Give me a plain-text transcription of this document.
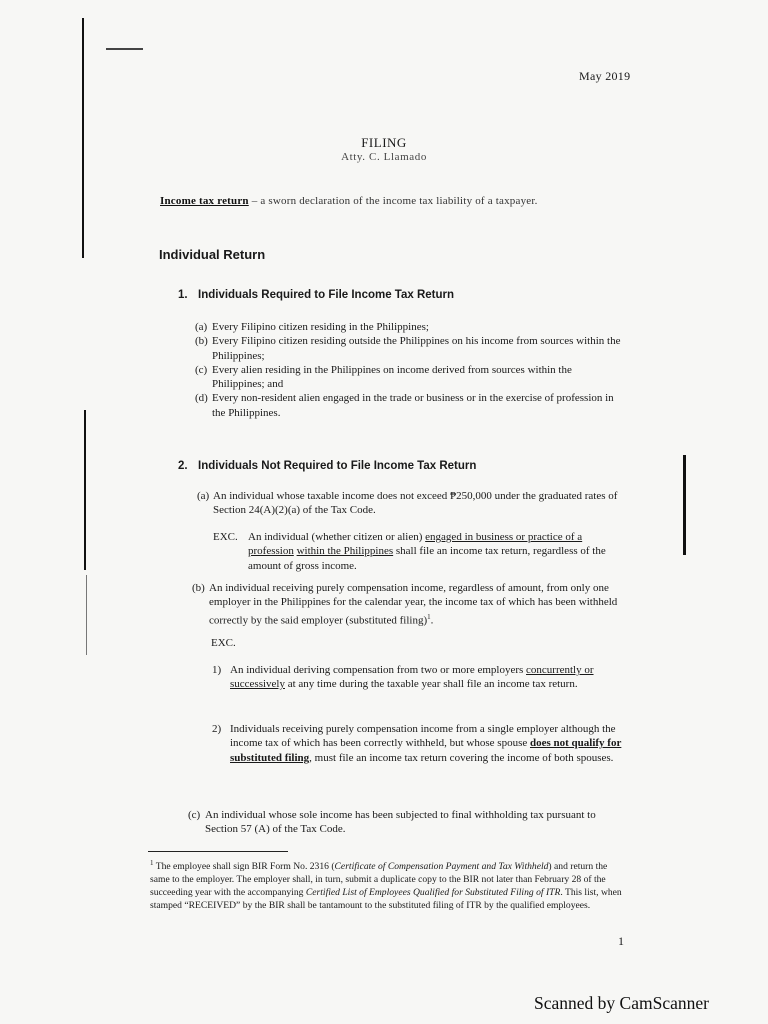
May 2019
FILING
Atty. C. Llamado
Income tax return – a sworn declaration of the income tax liability of a taxpayer.
Individual Return
1. Individuals Required to File Income Tax Return
(a) Every Filipino citizen residing in the Philippines;
(b) Every Filipino citizen residing outside the Philippines on his income from sources within the Philippines;
(c) Every alien residing in the Philippines on income derived from sources within the Philippines; and
(d) Every non-resident alien engaged in the trade or business or in the exercise of profession in the Philippines.
2. Individuals Not Required to File Income Tax Return
(a) An individual whose taxable income does not exceed ₱250,000 under the graduated rates of Section 24(A)(2)(a) of the Tax Code.
EXC. An individual (whether citizen or alien) engaged in business or practice of a profession within the Philippines shall file an income tax return, regardless of the amount of gross income.
(b) An individual receiving purely compensation income, regardless of amount, from only one employer in the Philippines for the calendar year, the income tax of which has been withheld correctly by the said employer (substituted filing)$^1$.
EXC.
1) An individual deriving compensation from two or more employers concurrently or successively at any time during the taxable year shall file an income tax return.
2) Individuals receiving purely compensation income from a single employer although the income tax of which has been correctly withheld, but whose spouse does not qualify for substituted filing, must file an income tax return covering the income of both spouses.
(c) An individual whose sole income has been subjected to final withholding tax pursuant to Section 57 (A) of the Tax Code.
$^1$ The employee shall sign BIR Form No. 2316 (Certificate of Compensation Payment and Tax Withheld) and return the same to the employer. The employer shall, in turn, submit a duplicate copy to the BIR not later than February 28 of the succeeding year with the accompanying Certified List of Employees Qualified for Substituted Filing of ITR. This list, when stamped “RECEIVED” by the BIR shall be tantamount to the substituted filing of ITR by the qualified employees.
1
Scanned by CamScanner
